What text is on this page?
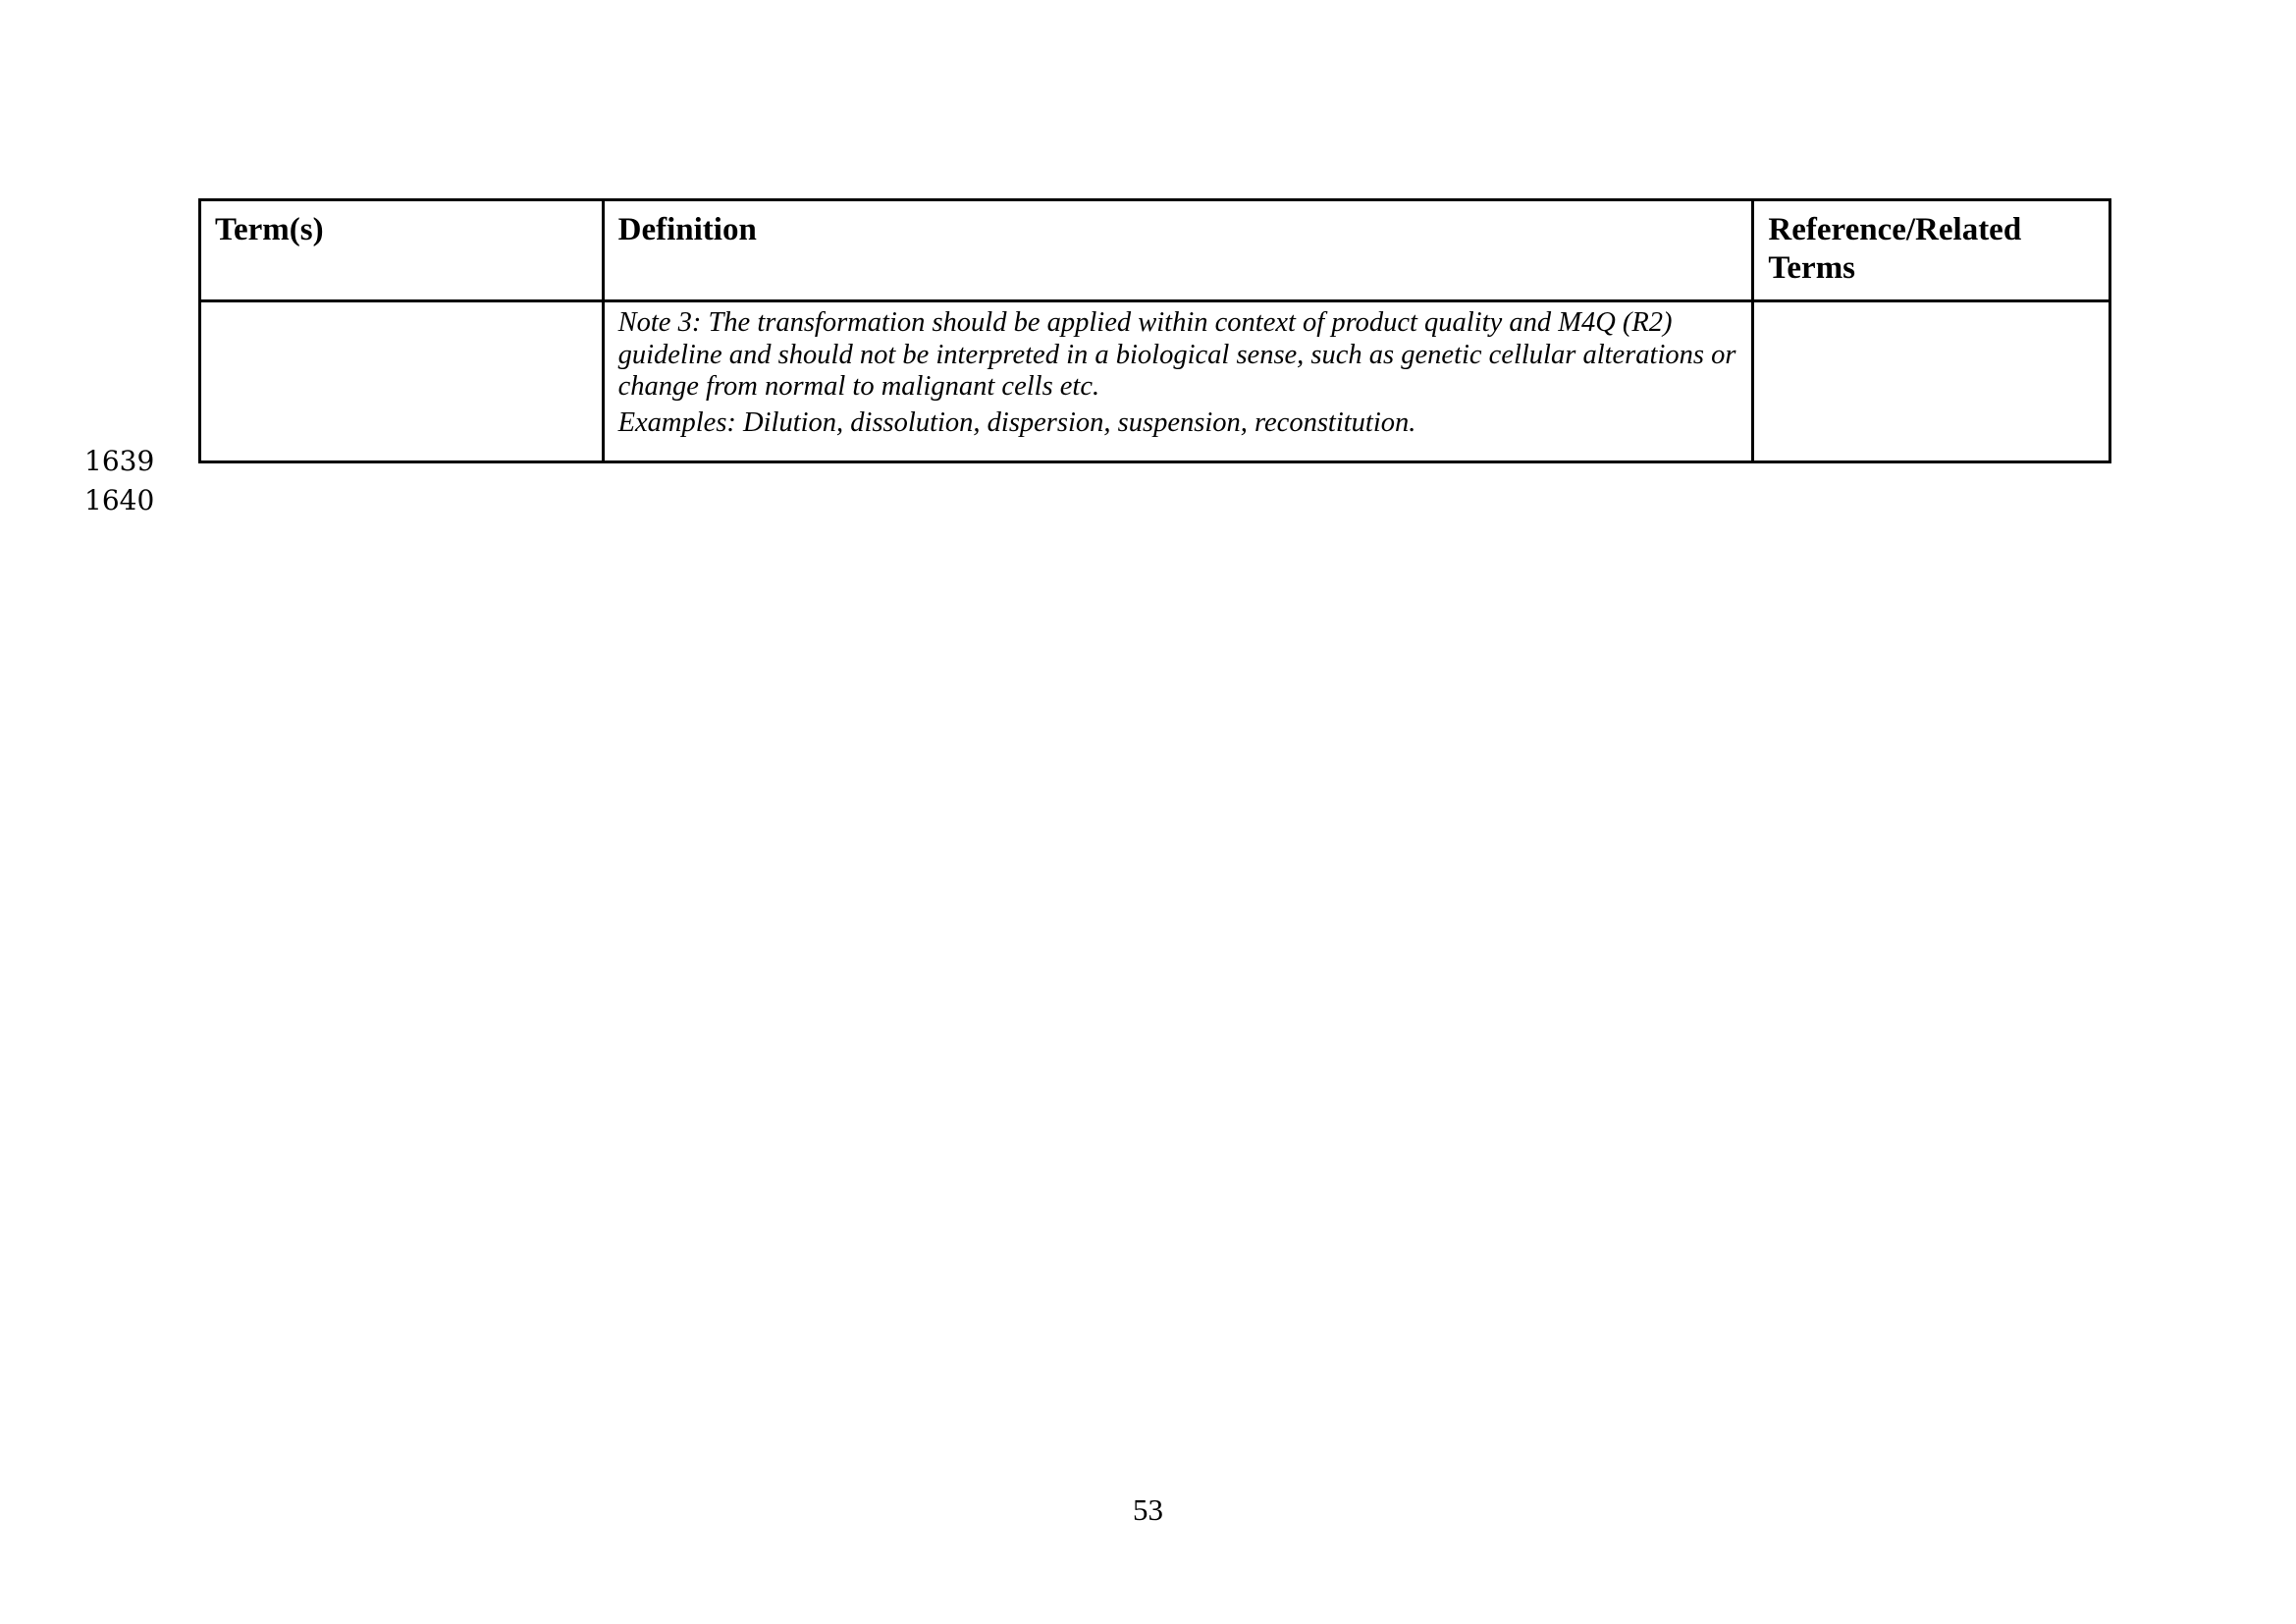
Term(s)	Definition	Reference/Related Terms

	Note 3: The transformation should be applied within context of product quality and M4Q (R2) guideline and should not be interpreted in a biological sense, such as genetic cellular alterations or change from normal to malignant cells etc.

Examples: Dilution, dissolution, dispersion, suspension, reconstitution.	

1639
1640
53
